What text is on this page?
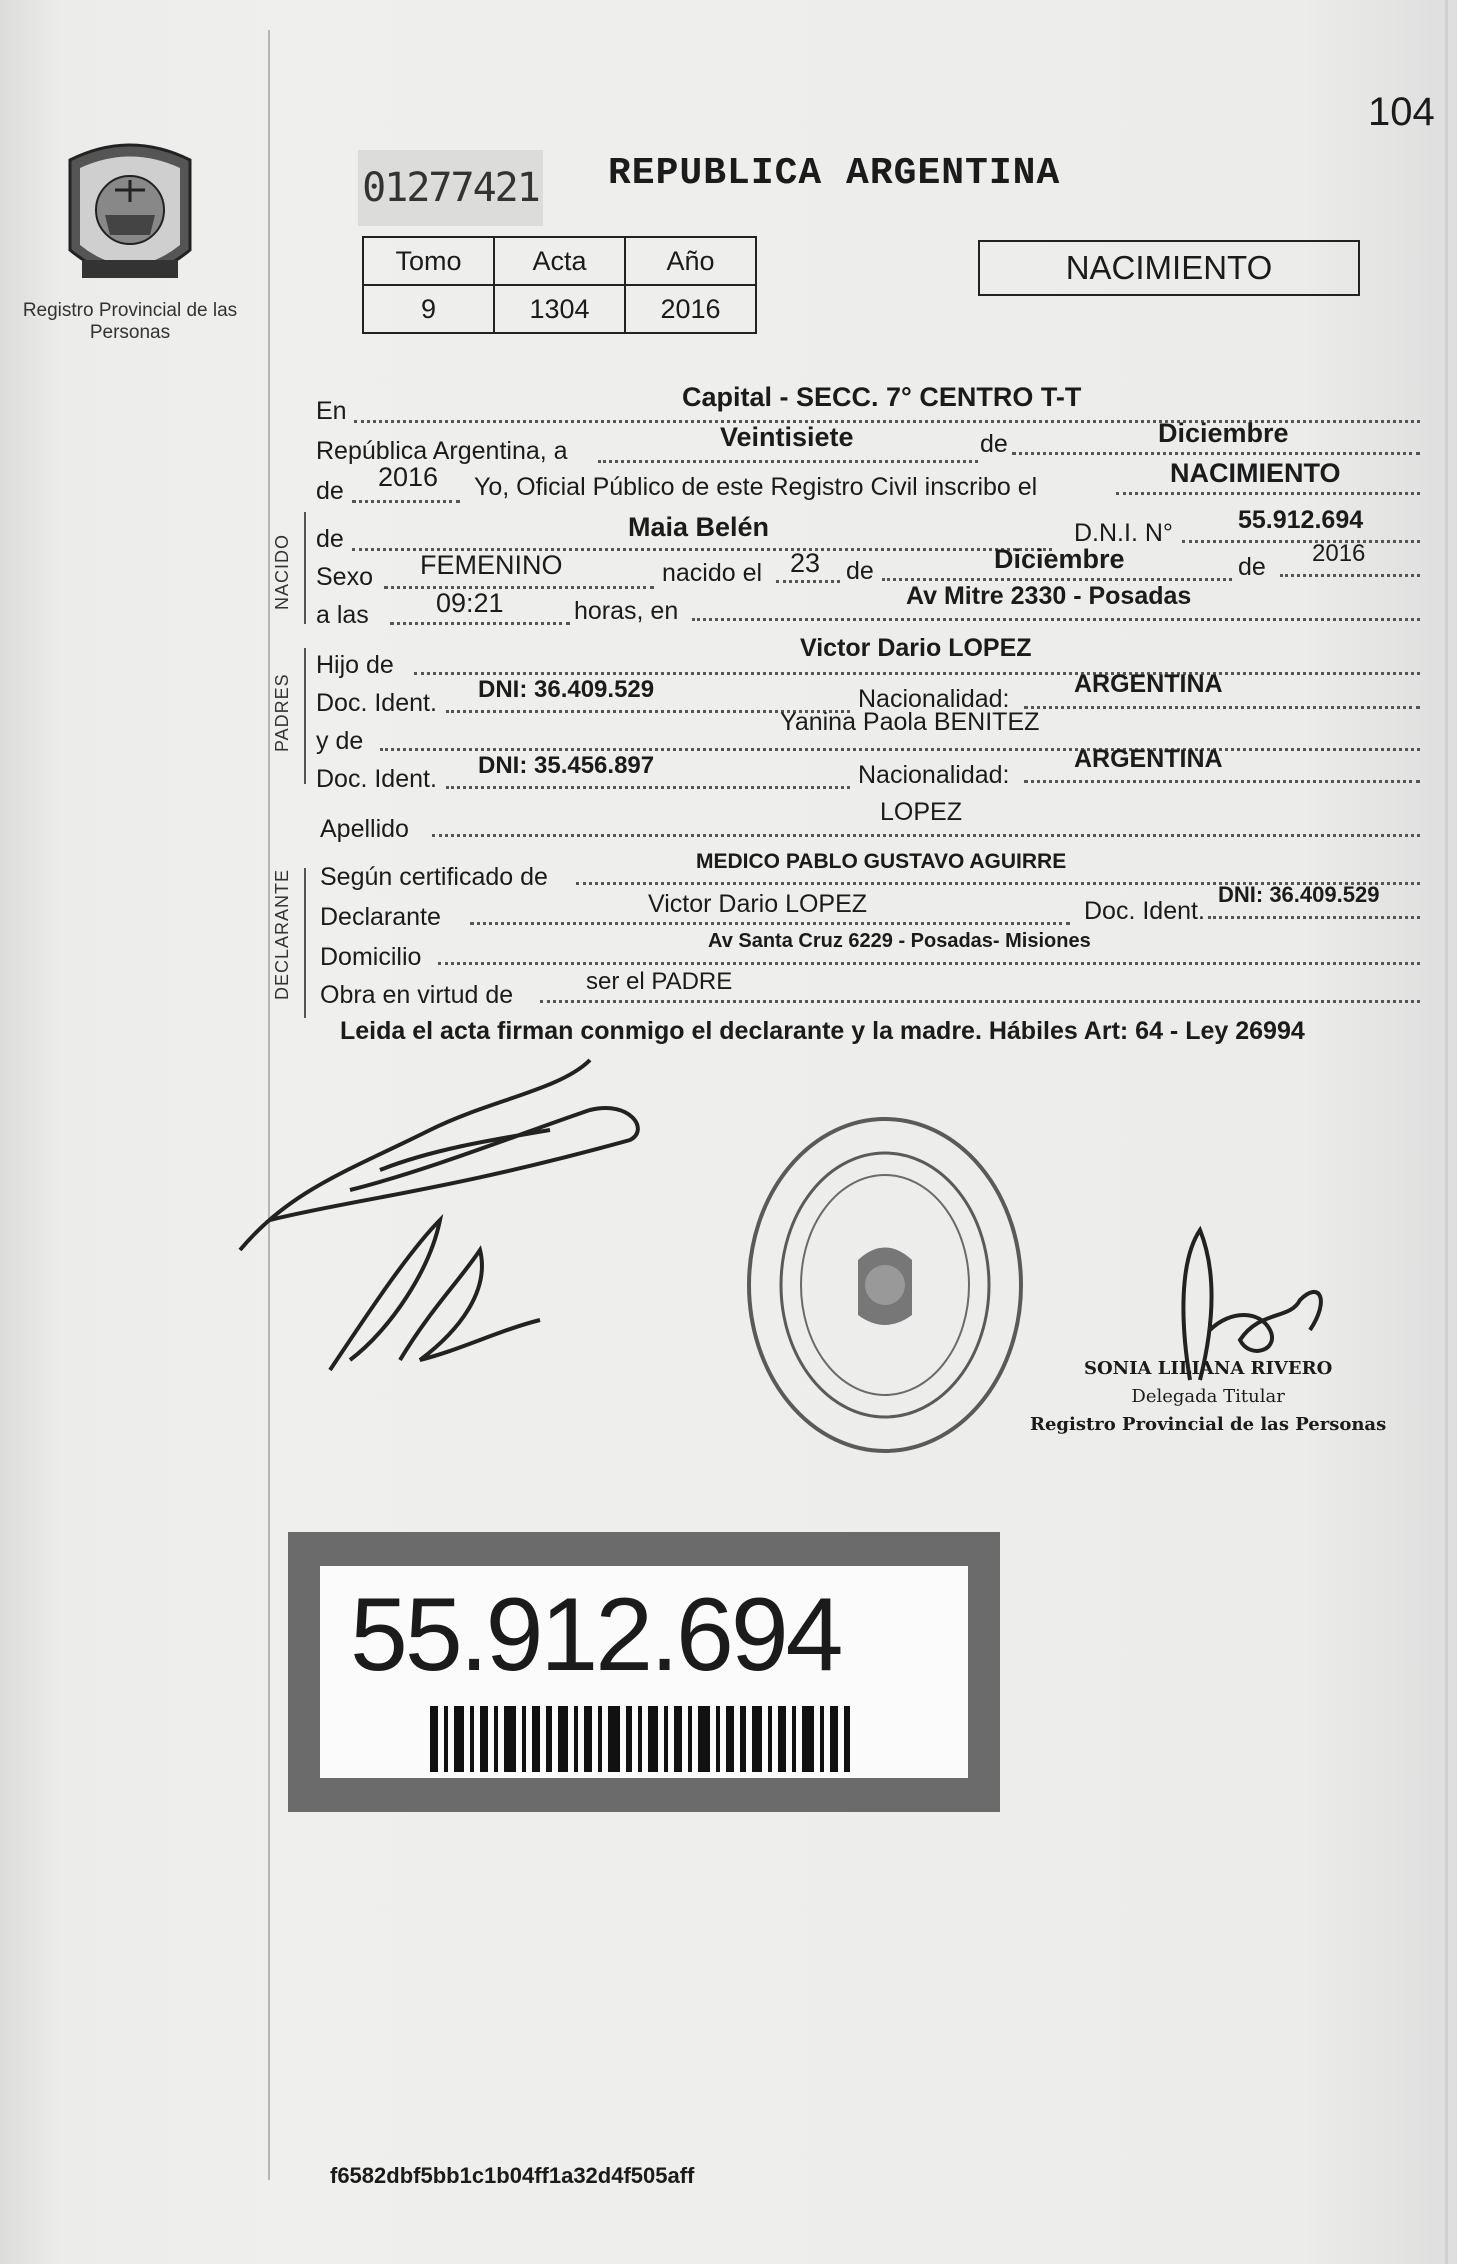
Registro Provincial de las Personas
104
01277421 REPUBLICA ARGENTINA
Tomo	Acta	Año
9	1304	2016
NACIMIENTO
En	Capital - SECC. 7° CENTRO T-T
República Argentina, a	Veintisiete	de	Diciembre
de 2016 Yo, Oficial Público de este Registro Civil inscribo el	NACIMIENTO
NACIDO de	Maia Belén	D.N.I. N°	55.912.694
Sexo FEMENINO	nacido el 23 de	Diciembre	de 2016
a las 09:21	horas, en
Av Mitre 2330 - Posadas
PADRES
Hijo de
Victor Dario LOPEZ
Doc. Ident. DNI: 36.409.529	Nacionalidad:
ARGENTINA
y de
Yanina Paola BENITEZ
Doc. Ident. DNI: 35.456.897	Nacionalidad:
ARGENTINA
Apellido
LOPEZ
DECLARANTE Según certificado de
MEDICO PABLO GUSTAVO AGUIRRE
Declarante	Victor Dario LOPEZ	Doc. Ident.
DNI: 36.409.529
Domicilio
Av Santa Cruz 6229 - Posadas- Misiones
Obra en virtud de	ser el PADRE
Leida el acta firman conmigo el declarante y la madre. Hábiles Art: 64 - Ley 26994
SONIA LILIANA RIVERO
Delegada Titular
Registro Provincial de las Personas
55.912.694
f6582dbf5bb1c1b04ff1a32d4f505aff
